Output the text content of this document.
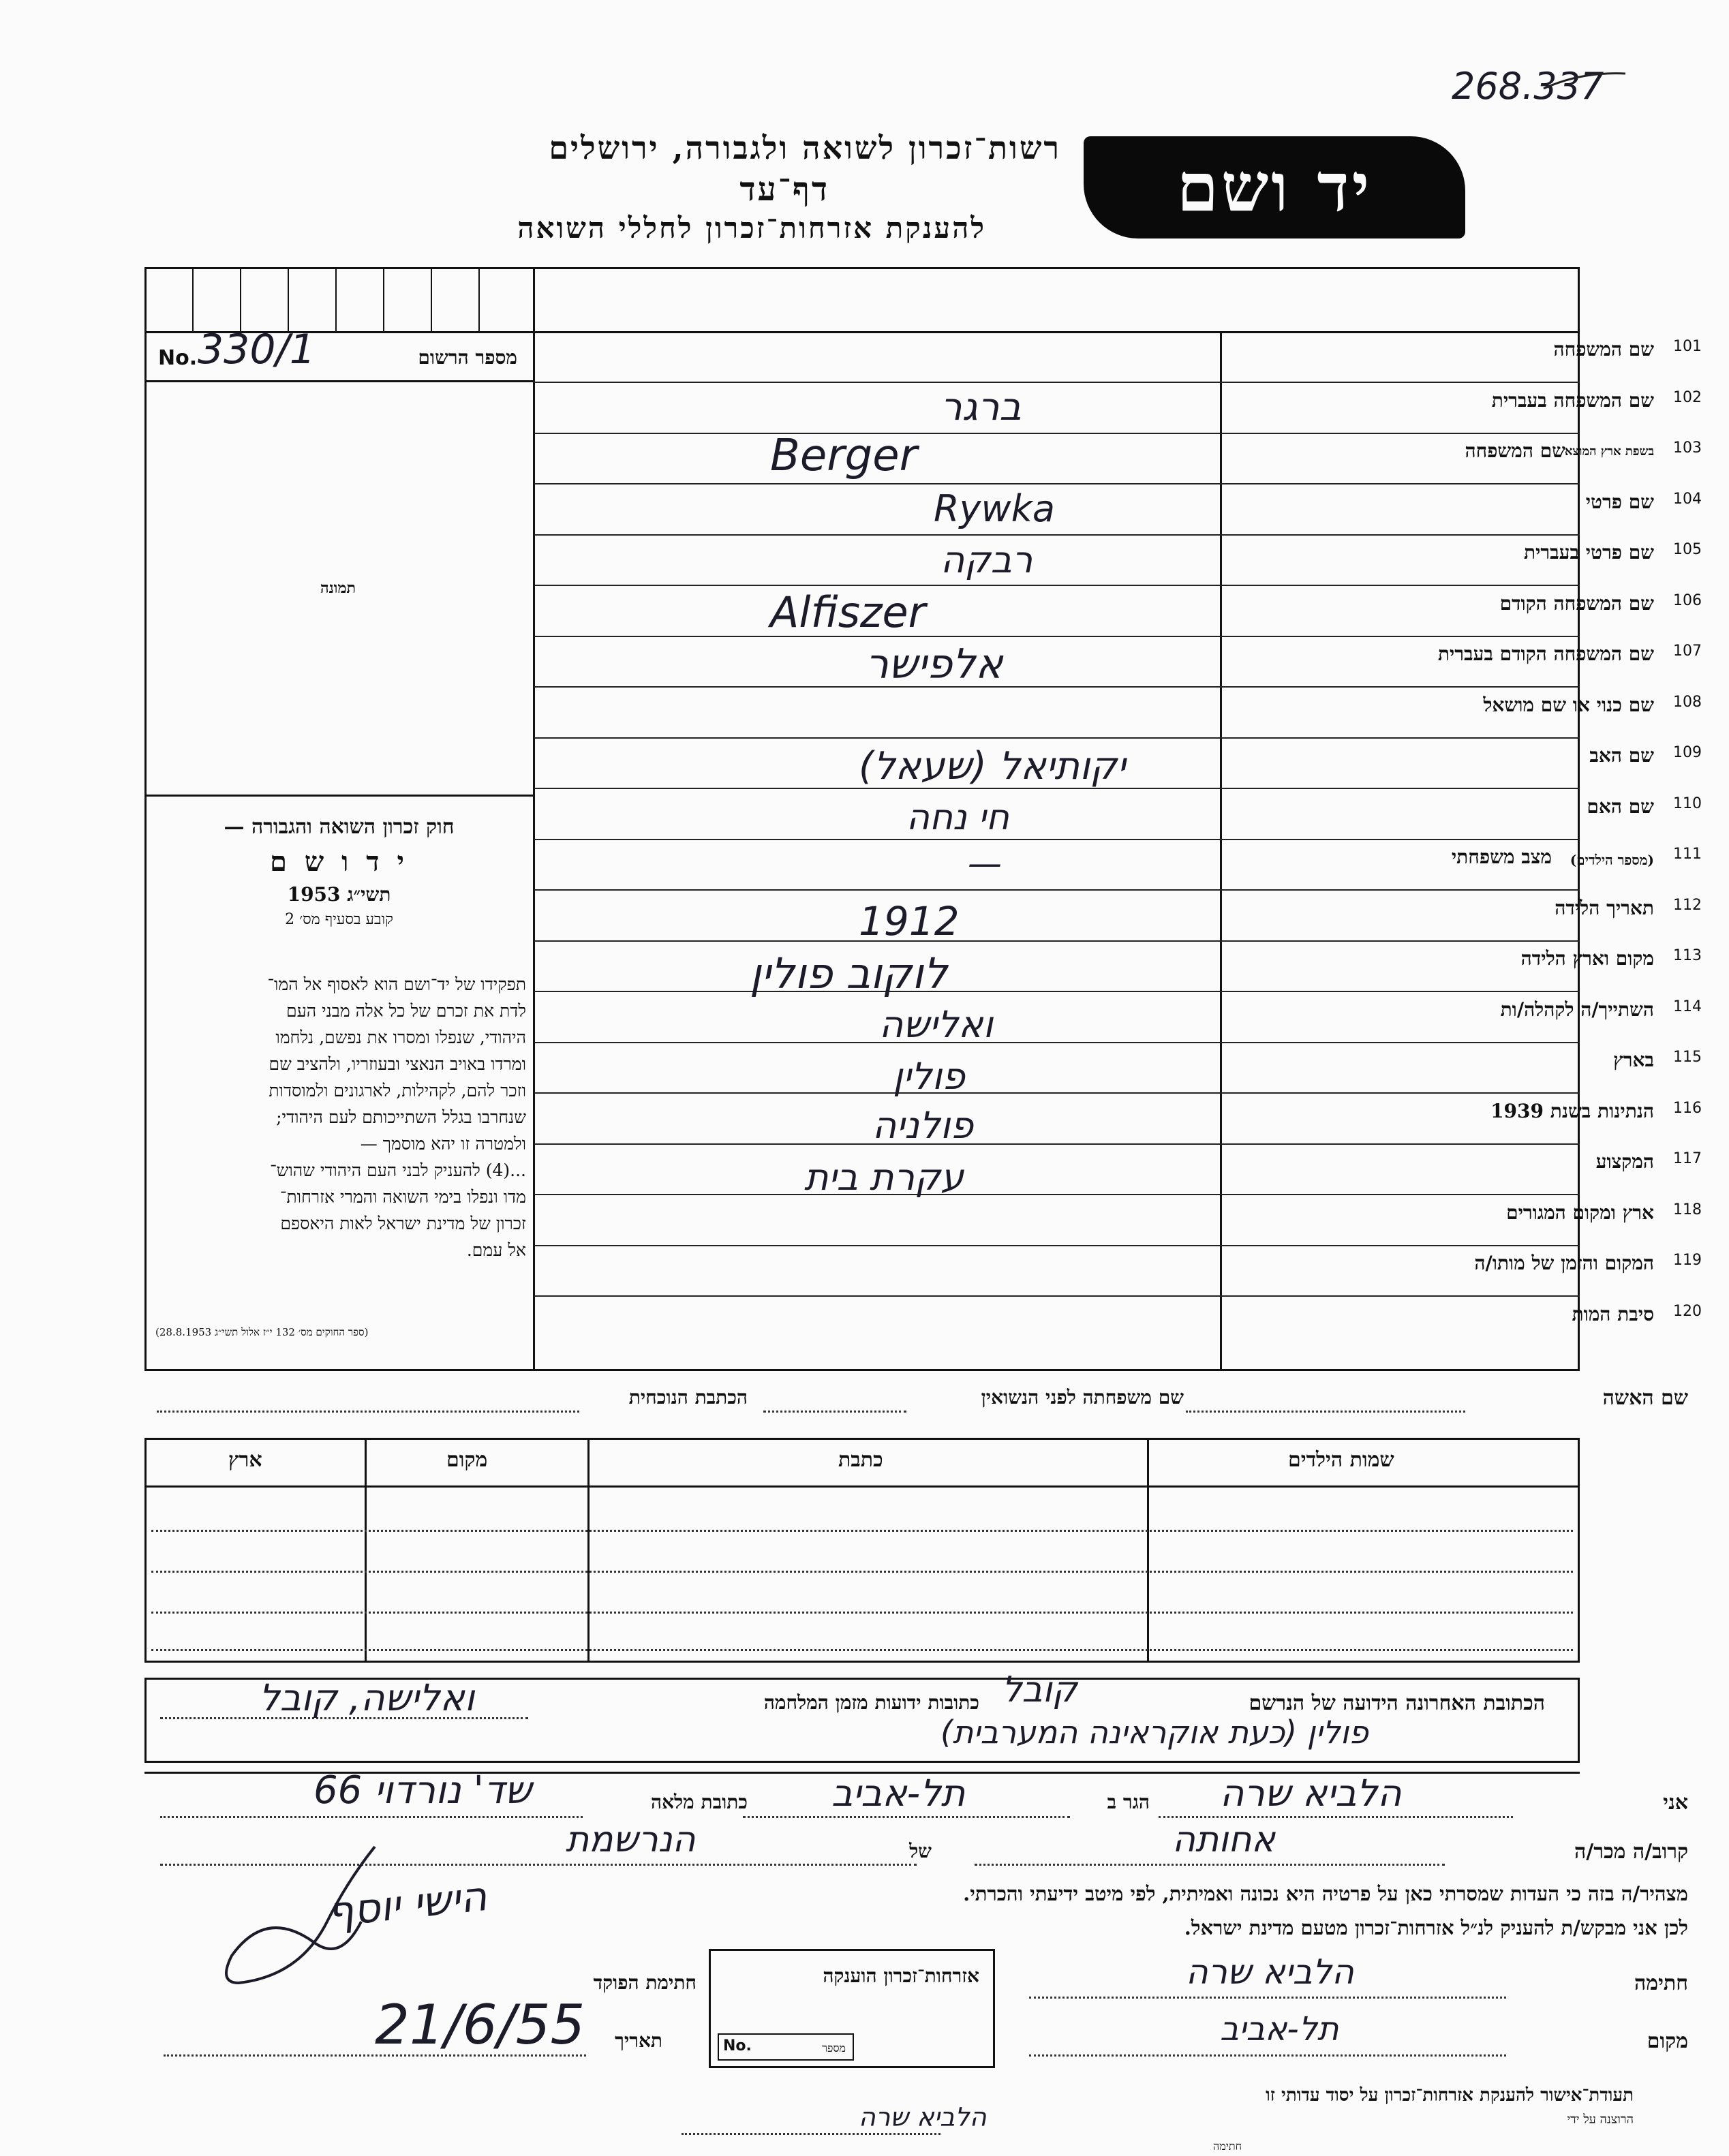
268.337
יד ושם
רשות־זכרון לשואה ולגבורה, ירושלים
דף־עד
להענקת אזרחות־זכרון לחללי השואה
No. 330/1	מספר הרשום
תמונה

חוק זכרון השואה והגבורה —

י ד ו ש ם

תשי״ג 1953

קובע בסעיף מס׳ 2

תפקידו של יד־ושם הוא לאסוף אל המו־
לדת את זכרם של כל אלה מבני העם
היהודי, שנפלו ומסרו את נפשם, נלחמו
ומרדו באויב הנאצי ובעוזריו, ולהציב שם
וזכר להם, לקהילות, לארגונים ולמוסדות
שנחרבו בגלל השתייכותם לעם היהודי;
ולמטרה זו יהא מוסמך —
...(4) להעניק לבני העם היהודי שהוש־
מדו ונפלו בימי השואה והמרי אזרחות־
זכרון של מדינת ישראל לאות היאספם
אל עמם.
(ספר החוקים מס׳ 132 י״ז אלול תשי״ג 28.8.1953)
101
שם המשפחה
102
שם המשפחה בעברית
ברגר
103
שם המשפחה
בשפת ארץ המוצא
Berger
104
שם פרטי
Rywka
105
שם פרטי בעברית
רבקה
106
שם המשפחה הקודם
Alfiszer
107
שם המשפחה הקודם בעברית
אלפישר
108
שם כנוי או שם מושאל
109
שם האב
יקותיאל (שעאל)
110
שם האם
חי נחה
111
מצב משפחתי (מספר הילדים)
—
112
תאריך הלידה
1912
113
מקום וארץ הלידה
לוקוב פולין
114
השתייך/ה לקהלה/ות
ואלישה
115
בארץ
פולין
116
הנתינות בשנת 1939
פולניה
117
המקצוע
עקרת בית
118
ארץ ומקום המגורים
119
המקום והזמן של מותו/ה
120
סיבת המות
שם האשה
שם משפחתה לפני הנשואין
הכתבת הנוכחית
שמות הילדים
כתבת
מקום
ארץ
הכתובת האחרונה הידועה של הנרשם
קובל
פולין (כעת אוקראינה המערבית)
כתובות ידועות מזמן המלחמה
ואלישה, קובל
אני
הלביא שרה
הגר ב
תל-אביב
כתובת מלאה
שד' נורדוי 66
קרוב/ה מכר/ה
אחותה
של
הנרשמת
מצהיר/ה בזה כי העדות שמסרתי כאן על פרטיה היא נכונה ואמיתית, לפי מיטב ידיעתי והכרתי.
לכן אני מבקש/ת להעניק לנ״ל אזרחות־זכרון מטעם מדינת ישראל.
חתימה
הלביא שרה
מקום
תל-אביב
אזרחות־זכרון הוענקה
No.	מספר
חתימת הפוקד
הישי יוסף
תאריך
21/6/55
תעודת־אישור להענקת אזרחות־זכרון על יסוד עדותי זו
הרוצנה על ידי
הלביא שרה
חתימה
